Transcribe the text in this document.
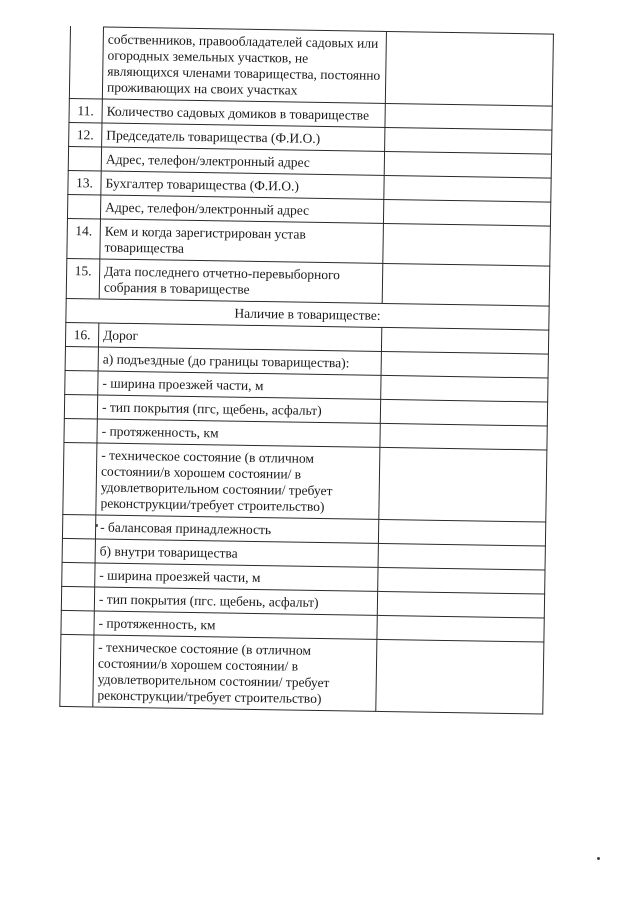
	собственников, правообладателей садовых или огородных земельных участков, не являющихся членами товарищества, постоянно проживающих на своих участках	
11.	Количество садовых домиков в товариществе	
12.	Председатель товарищества (Ф.И.О.)	
	Адрес, телефон/электронный адрес	
13.	Бухгалтер товарищества (Ф.И.О.)	
	Адрес, телефон/электронный адрес	
14.	Кем и когда зарегистрирован устав товарищества	
15.	Дата последнего отчетно-перевыборного собрания в товариществе	
Наличие в товариществе:		
16.	Дорог	
	а) подъездные (до границы товарищества):	
	- ширина проезжей части, м	
	- тип покрытия (пгс, щебень, асфальт)	
	- протяженность, км	
	- техническое состояние (в отличном состоянии/в хорошем состоянии/ в удовлетворительном состоянии/ требует реконструкции/требует строительство)	
	- балансовая принадлежность	
	б) внутри товарищества	
	- ширина проезжей части, м	
	- тип покрытия (пгс. щебень, асфальт)	
	- протяженность, км	
	- техническое состояние (в отличном состоянии/в хорошем состоянии/ в удовлетворительном состоянии/ требует реконструкции/требует строительство)	
